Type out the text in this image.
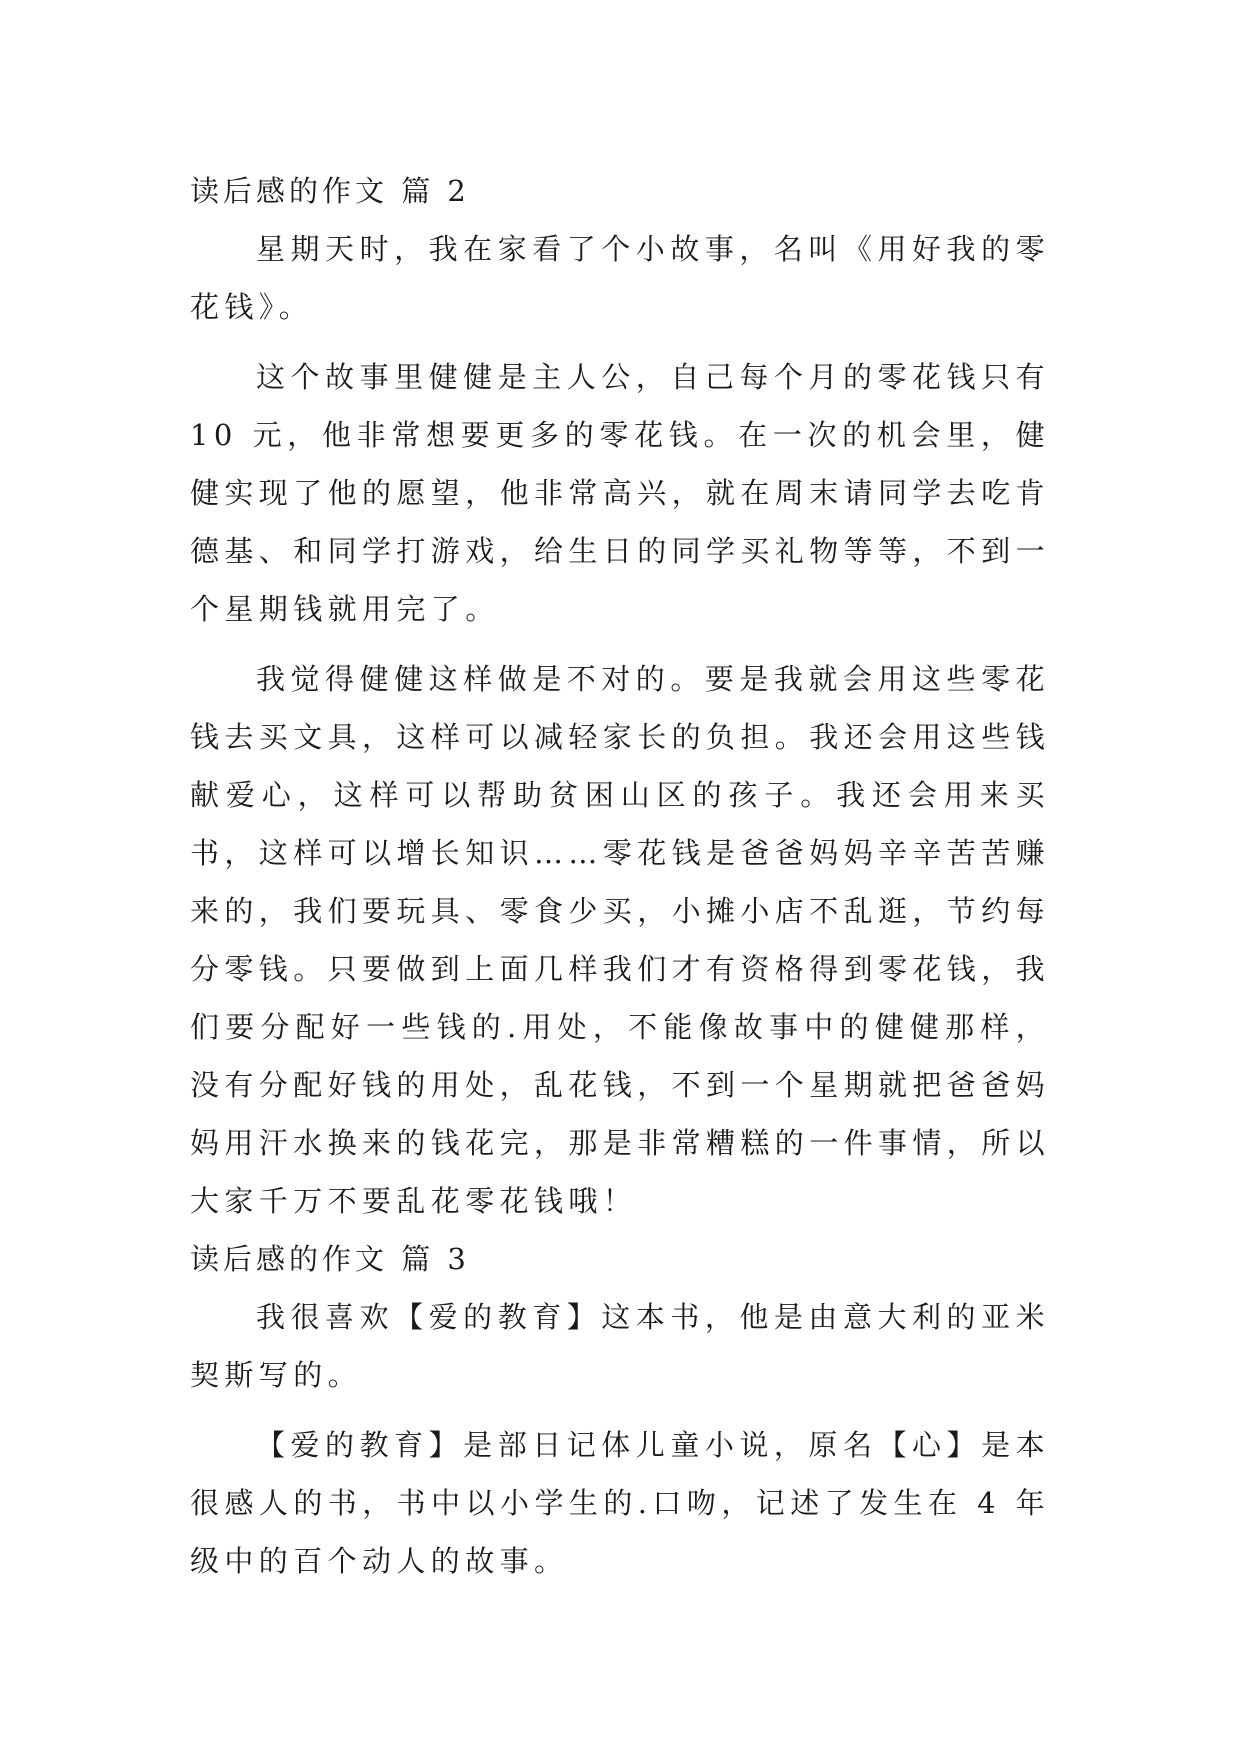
读后感的作文 篇 2

星期天时，我在家看了个小故事，名叫《用好我的零花钱》。

这个故事里健健是主人公，自己每个月的零花钱只有 10 元，他非常想要更多的零花钱。在一次的机会里，健健实现了他的愿望，他非常高兴，就在周末请同学去吃肯德基、和同学打游戏，给生日的同学买礼物等等，不到一个星期钱就用完了。

我觉得健健这样做是不对的。要是我就会用这些零花钱去买文具，这样可以减轻家长的负担。我还会用这些钱献爱心，这样可以帮助贫困山区的孩子。我还会用来买书，这样可以增长知识……零花钱是爸爸妈妈辛辛苦苦赚来的，我们要玩具、零食少买，小摊小店不乱逛，节约每分零钱。只要做到上面几样我们才有资格得到零花钱，我们要分配好一些钱的.用处，不能像故事中的健健那样，没有分配好钱的用处，乱花钱，不到一个星期就把爸爸妈妈用汗水换来的钱花完，那是非常糟糕的一件事情，所以大家千万不要乱花零花钱哦！

读后感的作文 篇 3

我很喜欢【爱的教育】这本书，他是由意大利的亚米契斯写的。

【爱的教育】是部日记体儿童小说，原名【心】是本很感人的书，书中以小学生的.口吻，记述了发生在 4 年级中的百个动人的故事。
